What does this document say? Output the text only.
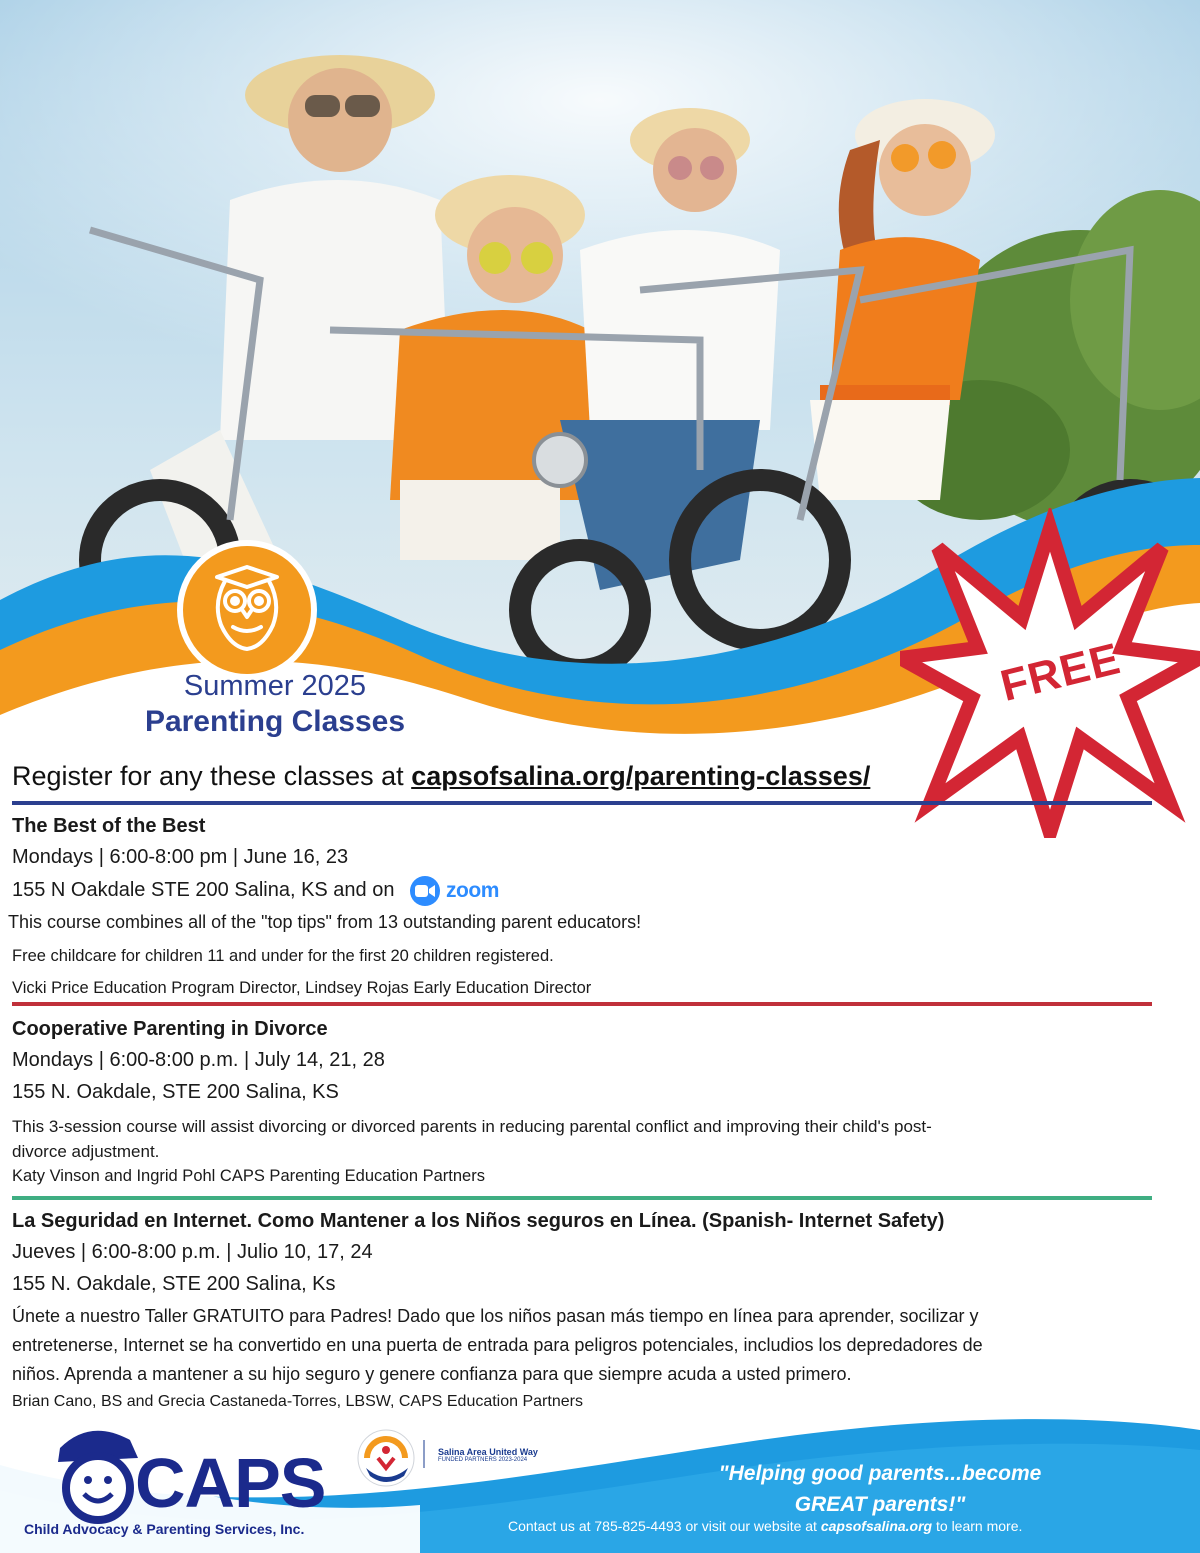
Summer 2025
Parenting Classes
FREE
Register for any these classes at capsofsalina.org/parenting-classes/
The Best of the Best
Mondays | 6:00-8:00 pm | June 16, 23
155 N Oakdale STE 200 Salina, KS and on zoom
This course combines all of the "top tips" from 13 outstanding parent educators!
Free childcare for children 11 and under for the first 20 children registered.
Vicki Price Education Program Director, Lindsey Rojas Early Education Director
Cooperative Parenting in Divorce
Mondays | 6:00-8:00 p.m. | July 14, 21, 28
155 N. Oakdale, STE 200 Salina, KS
This 3-session course will assist divorcing or divorced parents in reducing parental conflict and improving their child's post-
divorce adjustment.
Katy Vinson and Ingrid Pohl CAPS Parenting Education Partners
La Seguridad en Internet. Como Mantener a los Niños seguros en Línea. (Spanish- Internet Safety)
Jueves | 6:00-8:00 p.m. | Julio 10, 17, 24
155 N. Oakdale, STE 200 Salina, Ks
Únete a nuestro Taller GRATUITO para Padres! Dado que los niños pasan más tiempo en línea para aprender, socilizar y
entretenerse, Internet se ha convertido en una puerta de entrada para peligros potenciales, includios los depredadores de
niños. Aprenda a mantener a su hijo seguro y genere confianza para que siempre acuda a usted primero.
Brian Cano, BS and Grecia Castaneda-Torres, LBSW, CAPS Education Partners
CAPS
Child Advocacy & Parenting Services, Inc.
Salina Area United Way
FUNDED PARTNERS 2023-2024
"Helping good parents...become
GREAT parents!"
Contact us at 785-825-4493 or visit our website at capsofsalina.org to learn more.
